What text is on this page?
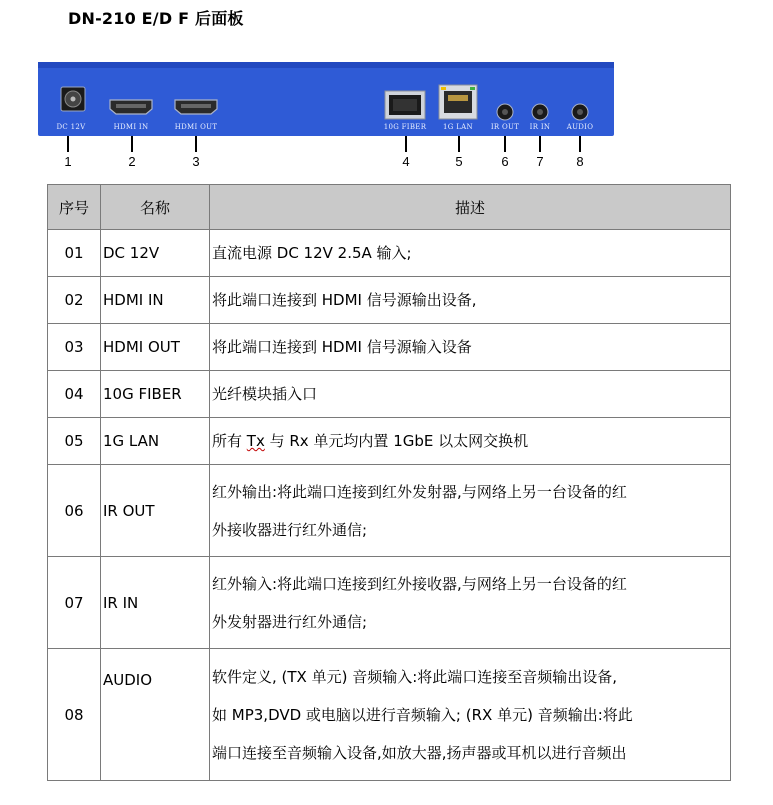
DN-210 E/D F 后面板
DC 12V	HDMI IN	HDMI OUT	10G FIBER 1G LAN	IR OUT IR IN AUDIO
1	2	3	4	5	6 7	8
序号	名称	描述
01	DC 12V	直流电源 DC 12V 2.5A 输入;
02	HDMI IN	将此端口连接到 HDMI 信号源输出设备,
03	HDMI OUT	将此端口连接到 HDMI 信号源输入设备
04	10G FIBER	光纤模块插入口
05	1G LAN	所有 Tx 与 Rx 单元均内置 1GbE 以太网交换机
06	IR OUT	红外输出:将此端口连接到红外发射器,与网络上另一台设备的红
外接收器进行红外通信;

07	IR IN	红外输入:将此端口连接到红外接收器,与网络上另一台设备的红
外发射器进行红外通信;

08	AUDIO	软件定义, (TX 单元) 音频输入:将此端口连接至音频输出设备,
如 MP3,DVD 或电脑以进行音频输入; (RX 单元) 音频输出:将此
端口连接至音频输入设备,如放大器,扬声器或耳机以进行音频出
